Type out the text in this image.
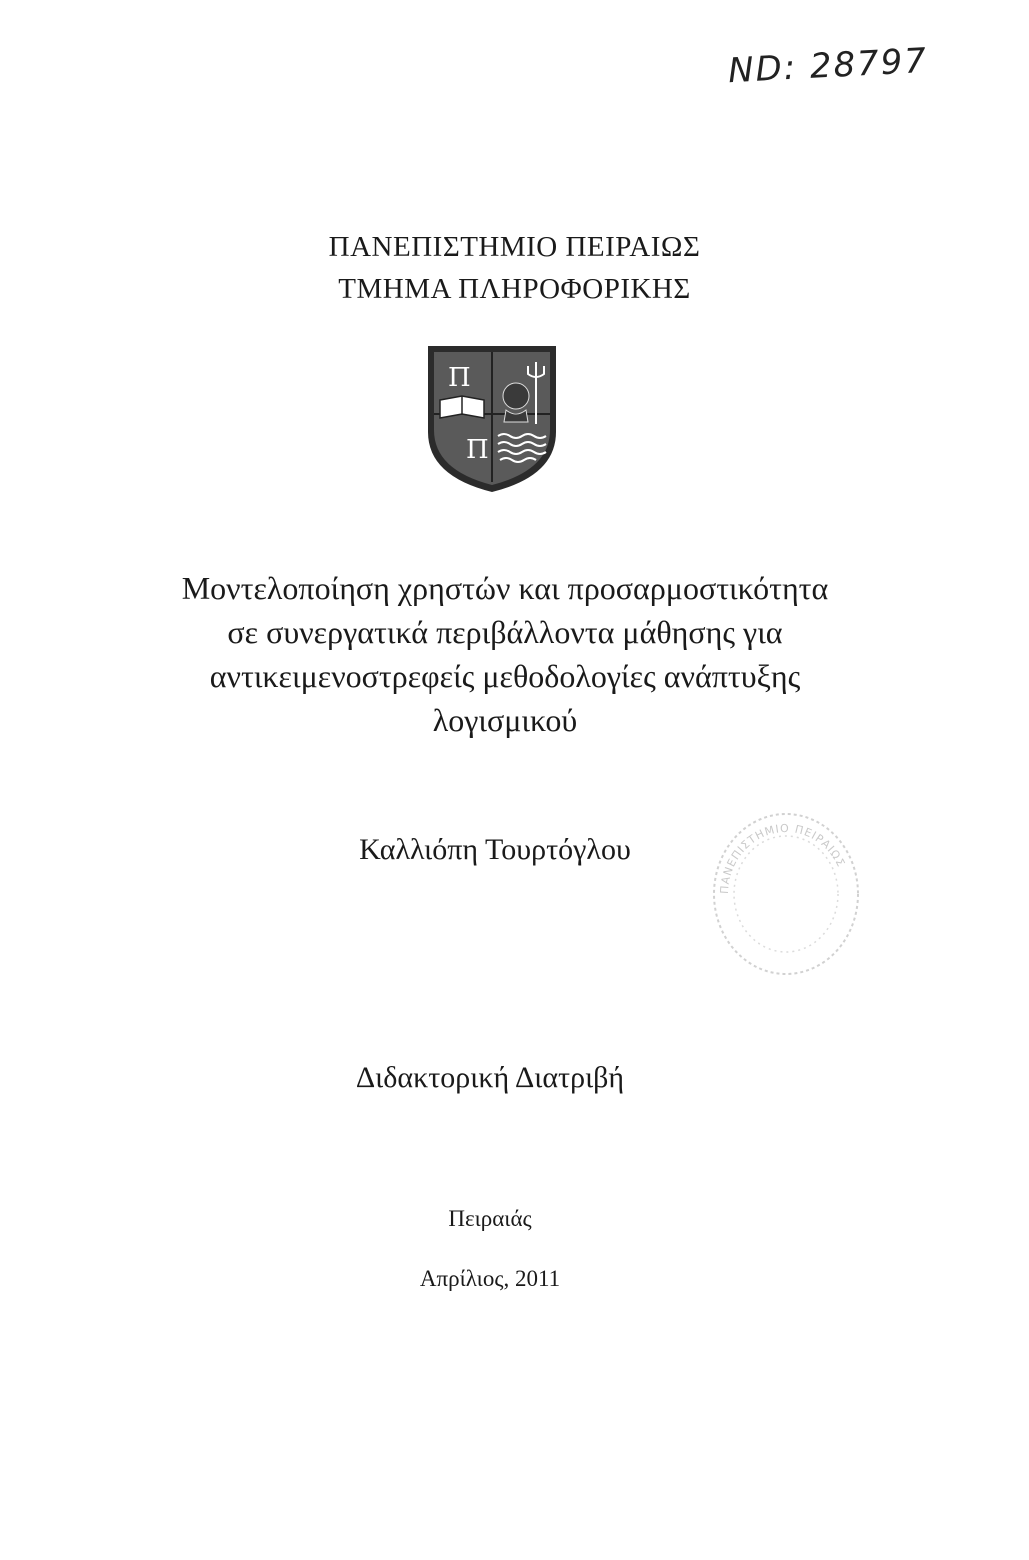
ND: 28797
ΠΑΝΕΠΙΣΤΗΜΙΟ ΠΕΙΡΑΙΩΣ
ΤΜΗΜΑ ΠΛΗΡΟΦΟΡΙΚΗΣ
Π
Π
Μοντελοποίηση χρηστών και προσαρμοστικότητα
σε συνεργατικά περιβάλλοντα μάθησης για
αντικειμενοστρεφείς μεθοδολογίες ανάπτυξης
λογισμικού
Καλλιόπη Τουρτόγλου
ΠΑΝΕΠΙΣΤΗΜΙΟ ΠΕΙΡΑΙΩΣ
Διδακτορική Διατριβή
Πειραιάς
Απρίλιος, 2011
